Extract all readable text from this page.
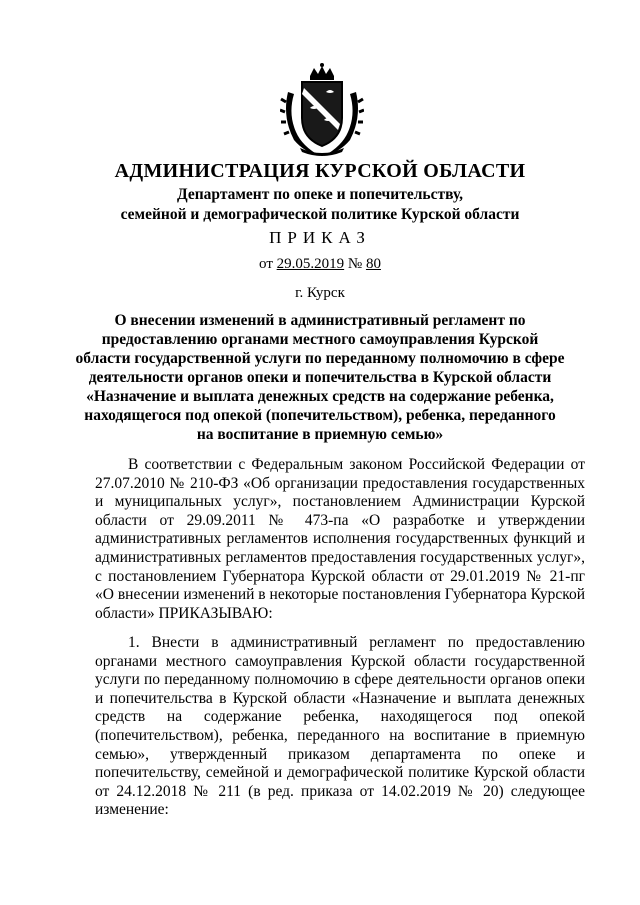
АДМИНИСТРАЦИЯ КУРСКОЙ ОБЛАСТИ
Департамент по опеке и попечительству,
семейной и демографической политике Курской области
ПРИКАЗ
от 29.05.2019 № 80
г. Курск
О внесении изменений в административный регламент по предоставлению органами местного самоуправления Курской области государственной услуги по переданному полномочию в сфере деятельности органов опеки и попечительства в Курской области «Назначение и выплата денежных средств на содержание ребенка, находящегося под опекой (попечительством), ребенка, переданного на воспитание в приемную семью»

В соответствии с Федеральным законом Российской Федерации от 27.07.2010 № 210-ФЗ «Об организации предоставления государственных и муниципальных услуг», постановлением Администрации Курской области от 29.09.2011 № 473-па «О разработке и утверждении административных регламентов исполнения государственных функций и административных регламентов предоставления государственных услуг», с постановлением Губернатора Курской области от 29.01.2019 № 21-пг «О внесении изменений в некоторые постановления Губернатора Курской области» ПРИКАЗЫВАЮ:

1. Внести в административный регламент по предоставлению органами местного самоуправления Курской области государственной услуги по переданному полномочию в сфере деятельности органов опеки и попечительства в Курской области «Назначение и выплата денежных средств на содержание ребенка, находящегося под опекой (попечительством), ребенка, переданного на воспитание в приемную семью», утвержденный приказом департамента по опеке и попечительству, семейной и демографической политике Курской области от 24.12.2018 № 211 (в ред. приказа от 14.02.2019 № 20) следующее изменение:
